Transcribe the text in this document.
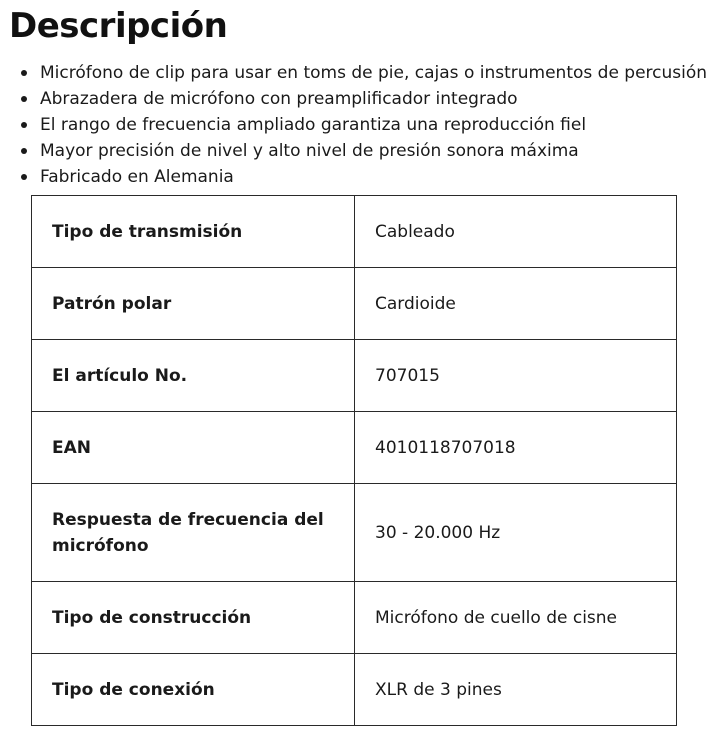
Descripción
Micrófono de clip para usar en toms de pie, cajas o instrumentos de percusión
Abrazadera de micrófono con preamplificador integrado
El rango de frecuencia ampliado garantiza una reproducción fiel
Mayor precisión de nivel y alto nivel de presión sonora máxima
Fabricado en Alemania
Tipo de transmisión	Cableado
Patrón polar	Cardioide
El artículo No.	707015
EAN	4010118707018
Respuesta de frecuencia del micrófono	30 - 20.000 Hz
Tipo de construcción	Micrófono de cuello de cisne
Tipo de conexión	XLR de 3 pines
